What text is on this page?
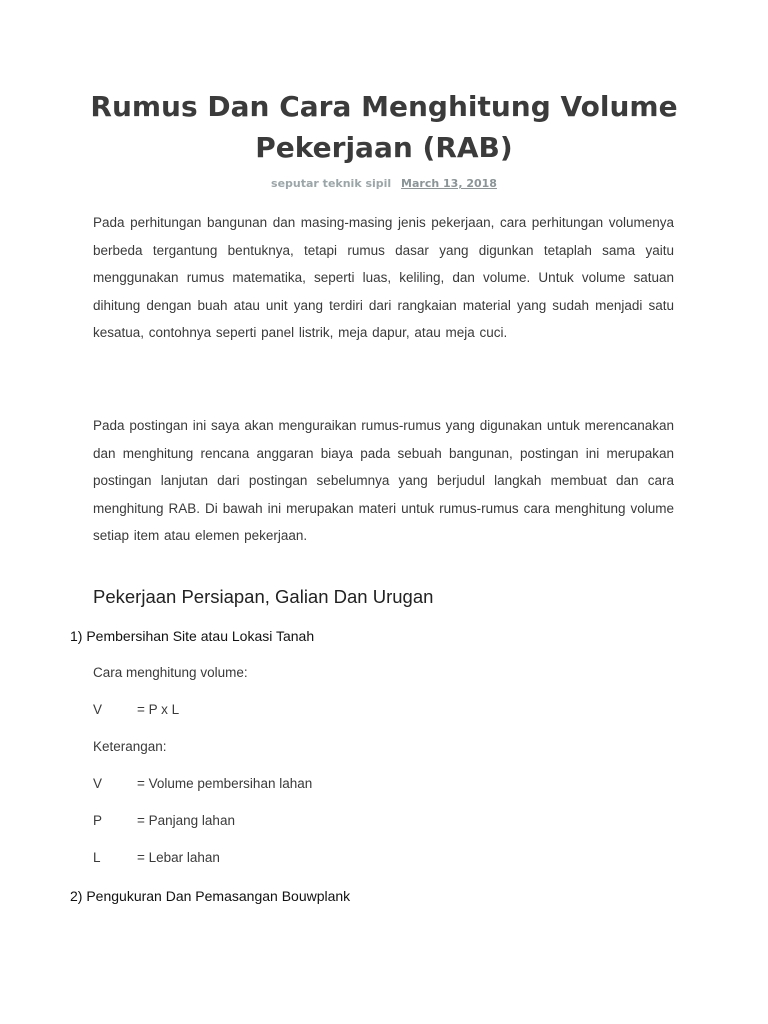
Rumus Dan Cara Menghitung Volume Pekerjaan (RAB)
seputar teknik sipil March 13, 2018

Pada perhitungan bangunan dan masing-masing jenis pekerjaan, cara perhitungan volumenya berbeda tergantung bentuknya, tetapi rumus dasar yang digunkan tetaplah sama yaitu menggunakan rumus matematika, seperti luas, keliling, dan volume. Untuk volume satuan dihitung dengan buah atau unit yang terdiri dari rangkaian material yang sudah menjadi satu kesatua, contohnya seperti panel listrik, meja dapur, atau meja cuci.

Pada postingan ini saya akan menguraikan rumus-rumus yang digunakan untuk merencanakan dan menghitung rencana anggaran biaya pada sebuah bangunan, postingan ini merupakan postingan lanjutan dari postingan sebelumnya yang berjudul langkah membuat dan cara menghitung RAB. Di bawah ini merupakan materi untuk rumus-rumus cara menghitung volume setiap item atau elemen pekerjaan.

Pekerjaan Persiapan, Galian Dan Urugan
1) Pembersihan Site atau Lokasi Tanah
Cara menghitung volume:
V	= P x L
Keterangan:
V	= Volume pembersihan lahan
P	= Panjang lahan
L	= Lebar lahan
2) Pengukuran Dan Pemasangan Bouwplank
